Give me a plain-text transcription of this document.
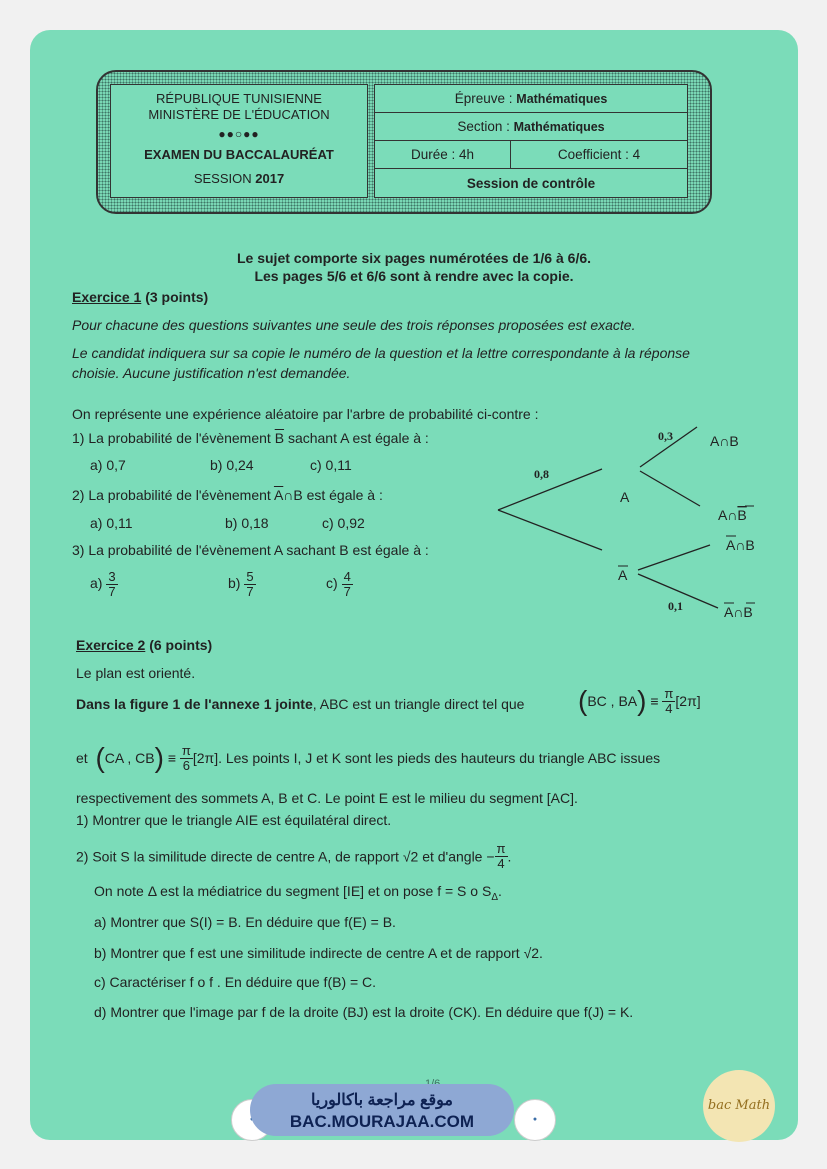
RÉPUBLIQUE TUNISIENNE
MINISTÈRE DE L'ÉDUCATION
●●○●●
EXAMEN DU BACCALAURÉAT
SESSION 2017
Épreuve :
Mathématiques
Section :
Mathématiques
Durée : 4h	Coefficient : 4
Session de contrôle
Le sujet comporte six pages numérotées de 1/6 à 6/6.
Les pages 5/6 et 6/6 sont à rendre avec la copie.
Exercice 1 (3 points)
Pour chacune des questions suivantes une seule des trois réponses proposées est exacte.
Le candidat indiquera sur sa copie le numéro de la question et la lettre correspondante à la réponse
choisie. Aucune justification n'est demandée.
On représente une expérience aléatoire par l'arbre de probabilité ci-contre :
1) La probabilité de l'évènement $\overline{B}$ sachant A est égale à :
a) 0,7	b) 0,24	c) 0,11
2) La probabilité de l'évènement $\overline{A}\cap B$ est égale à :
a) 0,11	b) 0,18	c) 0,92
3) La probabilité de l'évènement A sachant B est égale à :
$a) \frac{3}{7}$	$b) \frac{5}{7}$	$c) \frac{4}{7}$
0,8
0,3
0,1
A
A
A∩B
A∩B
A∩B
A∩B
Exercice 2 (6 points)
Le plan est orienté.
Dans la figure 1 de l'annexe 1 jointe, ABC est un triangle direct tel que (BC , $BA) \equiv \frac{\pi}{4} [2\pi]$
et (CA , $CB) \equiv \frac{\pi}{6} [2\pi]$. Les points I, J et K sont les pieds des hauteurs du triangle ABC issues
respectivement des sommets A, B et C. Le point E est le milieu du segment [AC].
1) Montrer que le triangle AIE est équilatéral direct.
2) Soit S la similitude directe de centre A, de rapport √2 et d'angle − $\frac{\pi}{4}$ .
On note Δ est la médiatrice du segment [IE] et on pose f = S o $S_\Delta$.
a) Montrer que S(I) = B. En déduire que f(E) = B.
b) Montrer que f est une similitude indirecte de centre A et de rapport √2.
c) Caractériser f o f . En déduire que f(B) = C.
d) Montrer que l'image par f de la droite (BJ) est la droite (CK). En déduire que f(J) = K.
موقع مراجعة باكالوريا
BAC.MOURAJAA.COM	●
bac Math
